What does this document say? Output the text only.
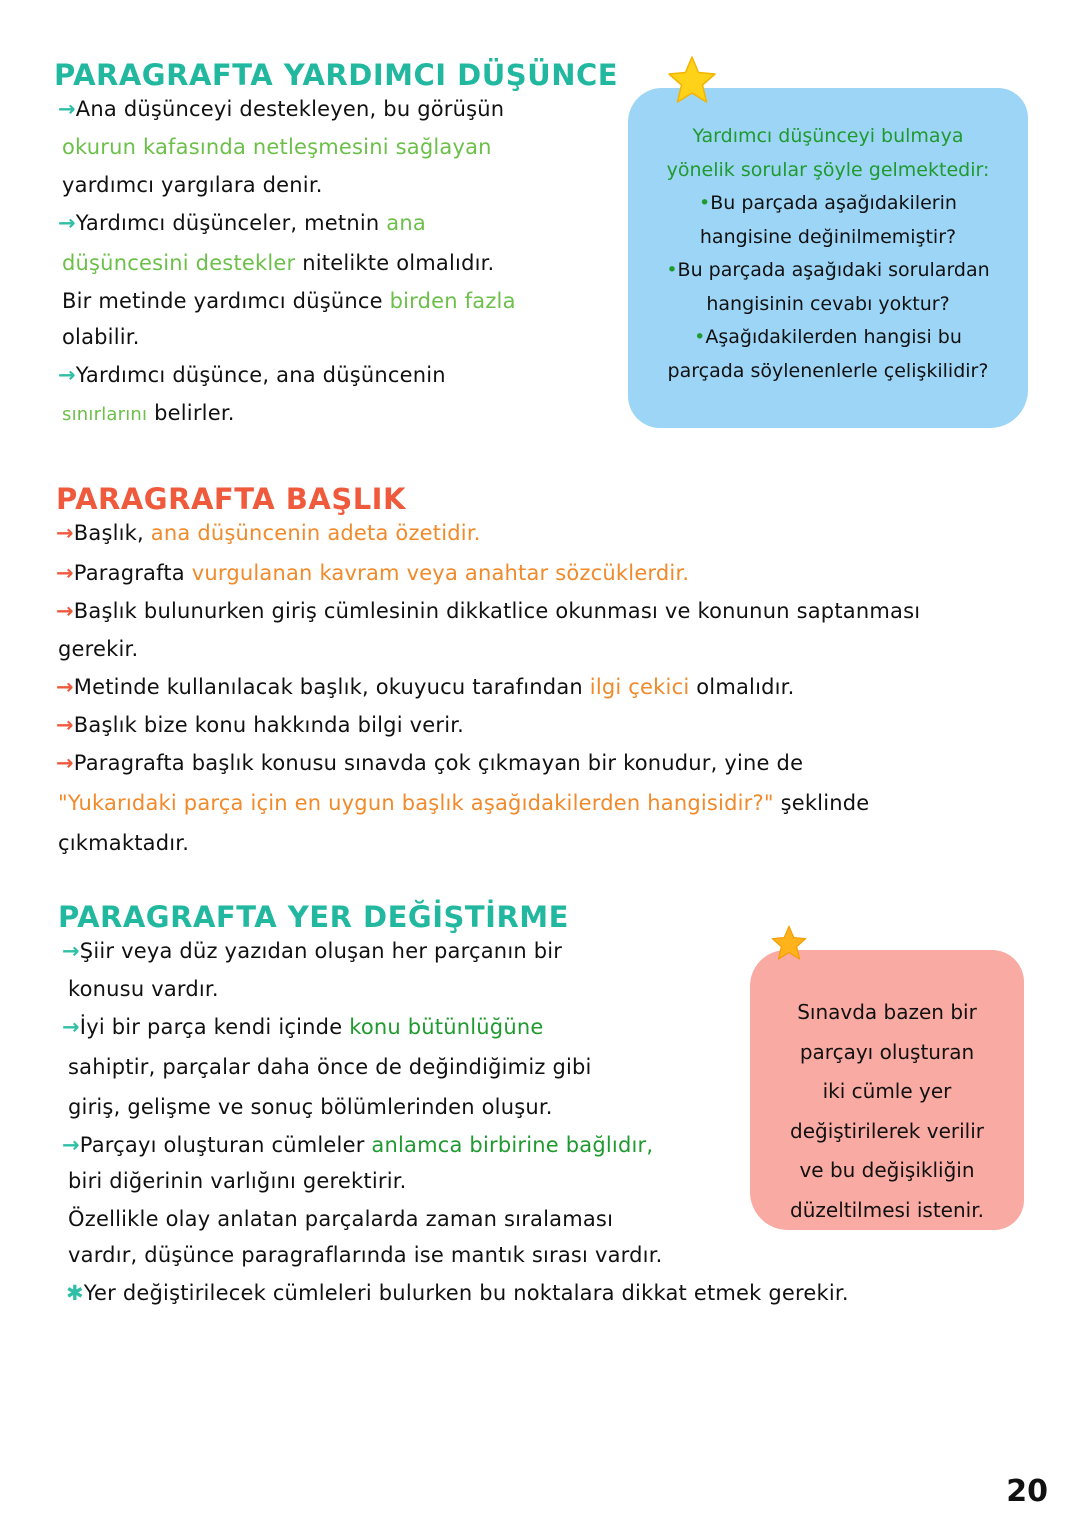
PARAGRAFTA YARDIMCI DÜŞÜNCE
→Ana düşünceyi destekleyen, bu görüşün
okurun kafasında netleşmesini sağlayan
yardımcı yargılara denir.
→Yardımcı düşünceler, metnin ana
düşüncesini destekler nitelikte olmalıdır.
Bir metinde yardımcı düşünce birden fazla
olabilir.
→Yardımcı düşünce, ana düşüncenin
sınırlarını belirler.
Yardımcı düşünceyi bulmaya
yönelik sorular şöyle gelmektedir:
•Bu parçada aşağıdakilerin
hangisine değinilmemiştir?
•Bu parçada aşağıdaki sorulardan
hangisinin cevabı yoktur?
•Aşağıdakilerden hangisi bu
parçada söylenenlerle çelişkilidir?
PARAGRAFTA BAŞLIK
→Başlık, ana düşüncenin adeta özetidir.
→Paragrafta vurgulanan kavram veya anahtar sözcüklerdir.
→Başlık bulunurken giriş cümlesinin dikkatlice okunması ve konunun saptanması
gerekir.
→Metinde kullanılacak başlık, okuyucu tarafından ilgi çekici olmalıdır.
→Başlık bize konu hakkında bilgi verir.
→Paragrafta başlık konusu sınavda çok çıkmayan bir konudur, yine de
"Yukarıdaki parça için en uygun başlık aşağıdakilerden hangisidir?" şeklinde
çıkmaktadır.
PARAGRAFTA YER DEĞİŞTİRME
→Şiir veya düz yazıdan oluşan her parçanın bir
konusu vardır.
→İyi bir parça kendi içinde konu bütünlüğüne
sahiptir, parçalar daha önce de değindiğimiz gibi
giriş, gelişme ve sonuç bölümlerinden oluşur.
→Parçayı oluşturan cümleler anlamca birbirine bağlıdır,
biri diğerinin varlığını gerektirir.
Özellikle olay anlatan parçalarda zaman sıralaması
vardır, düşünce paragraflarında ise mantık sırası vardır.
✱Yer değiştirilecek cümleleri bulurken bu noktalara dikkat etmek gerekir.
Sınavda bazen bir
parçayı oluşturan
iki cümle yer
değiştirilerek verilir
ve bu değişikliğin
düzeltilmesi istenir.
20
